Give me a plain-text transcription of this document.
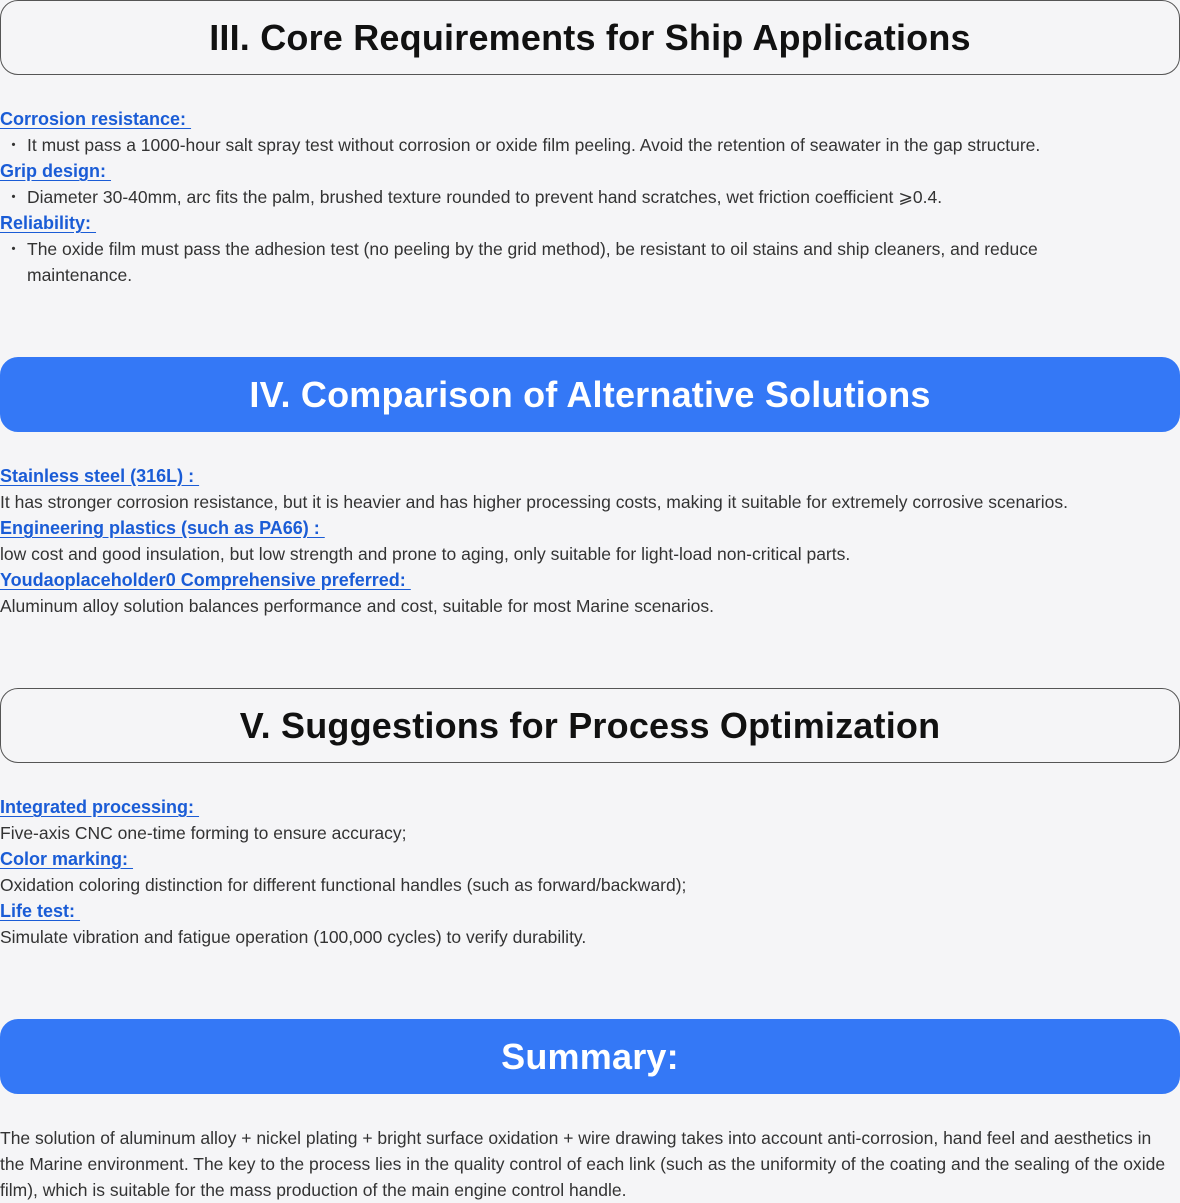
III. Core Requirements for Ship Applications
Corrosion resistance:
・ It must pass a 1000-hour salt spray test without corrosion or oxide film peeling. Avoid the retention of seawater in the gap structure.
Grip design:
・ Diameter 30-40mm, arc fits the palm, brushed texture rounded to prevent hand scratches, wet friction coefficient ⩾0.4.
Reliability:
・ The oxide film must pass the adhesion test (no peeling by the grid method), be resistant to oil stains and ship cleaners, and reduce maintenance.
IV. Comparison of Alternative Solutions
Stainless steel (316L) :

It has stronger corrosion resistance, but it is heavier and has higher processing costs, making it suitable for extremely corrosive scenarios.

Engineering plastics (such as PA66) :

low cost and good insulation, but low strength and prone to aging, only suitable for light-load non-critical parts.

Youdaoplaceholder0 Comprehensive preferred:

Aluminum alloy solution balances performance and cost, suitable for most Marine scenarios.

V. Suggestions for Process Optimization
Integrated processing:

Five-axis CNC one-time forming to ensure accuracy;

Color marking:

Oxidation coloring distinction for different functional handles (such as forward/backward);

Life test:

Simulate vibration and fatigue operation (100,000 cycles) to verify durability.

Summary:

The solution of aluminum alloy + nickel plating + bright surface oxidation + wire drawing takes into account anti-corrosion, hand feel and aesthetics in the Marine environment. The key to the process lies in the quality control of each link (such as the uniformity of the coating and the sealing of the oxide film), which is suitable for the mass production of the main engine control handle.
